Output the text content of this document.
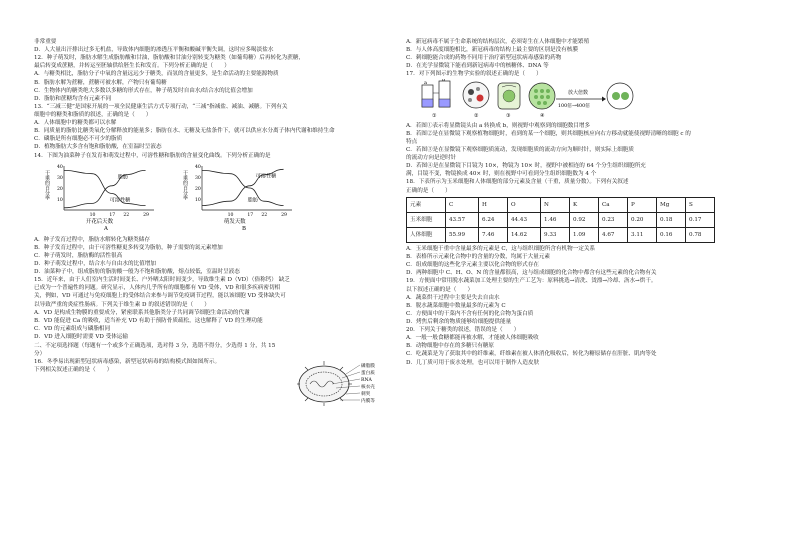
非常重要

D．人大量出汗排出过多无机盐，导致体内细胞的渗透压平衡和酸碱平衡失调，这时应多喝淡盐水

12．种子萌发时，脂肪水解生成脂肪酸和甘油，脂肪酸和甘油分别转变为糖类（如葡萄糖）后再转化为蔗糖，

最后转变成蔗糖，并转运至胚轴供给胚生长和发育。下列分析正确的是（　　）

A．与糖类相比，脂肪分子中氧的含量远远少于糖类，而氢的含量更多，是生命活动的主要能源物质

B．脂肪水解为蔗糖，蔗糖可被水解，产物只有葡萄糖

C．生物体内的糖类绝大多数以多糖的形式存在，种子萌发时自由水/结合水的比值会增加

D．脂肪和蔗糖均含有元素不同

13．“三减三健”是国家开展的一项全民健康生活方式专项行动，“三减”指减盐、减油、减糖。下列有关

细胞中的糖类和脂质的叙述，正确的是（　　）

A．人体细胞中的糖类都可以水解

B．同质量的脂肪比糖类氧化分解释放的能量多；脂肪在水、无糖及无盐条件下，就可以供应水分离子体内代谢和维持生命

C．磷脂是所有细胞必不可少的脂质

D．植物脂肪大多含有饱和脂肪酸，在室温时呈液态

14．下图为油菜种子在发育和萌发过程中，可溶性糖和脂肪的含量变化曲线。下列分析正确的是

干重的百分率
40
30
20
10
10	17 22	29
开花后天数
A
脂肪
可溶性糖
干重的百分率
40
30
20
10
10	17 22	29
萌发天数
B
可溶性糖
脂肪

A．种子发育过程中，脂肪水解转化为糖类储存

B．种子发育过程中，由于可溶性糖更多转变为脂肪，种子需要的氮元素增加

C．种子萌发时，脂肪酶的活性很高

D．种子萌发过程中，结合水与自由水的比值增加

D．油菜种子中，组成脂肪的脂肪酸一般为不饱和脂肪酸，熔点较低，室温时呈液态

15．近年来，由于人们室内生活时间变长、户外晒太阳时间变少，导致维生素 D（VD）（俗称钙） 缺乏

已成为一个普遍性的问题。研究显示，人体内几乎所有的细胞都有 VD 受体，VD 和很多疾病密切相

关，例如，VD 可通过与免疫细胞上的受体结合来参与调节免疫调节过程，能以该细胞 VD 受体缺失可

以导致严重的炎症性肠病。下列关于维生素 D 的叙述错误的是（　　）

A．VD 是构成生物膜的重要成分，紧密联系其他脂类分子共同调节细胞生命活动的代谢

B．VD 能促进 Ca 的吸收，适当补充 VD 有助于预防骨质疏松，这也解释了 VD 的生理功能

C．VD 的元素组成与磷脂相同

D．VD 进入细胞时需要 VD 受体运输

二、不定项选择题（每题有一个或多个正确选项，选对得 3 分，选错不得分，少选得 1 分，共 15

分）

16．冬季易出现新型冠状病毒感染，新型冠状病毒的结构模式图如图所示。

下列相关叙述正确的是（　　）

磷脂膜
蛋白质
RNA
核衣壳
刺突
内膜等

A．新冠病毒不属于生命系统的结构层次，必须寄生在人体细胞中才能繁殖

B．与人体高度细胞相比，新冠病毒的结构上最主要的区别是没有核膜

C．刺细胞能合成的药物不同用于治疗新型冠状病毒感染的药物

D．在光学显微镜下能看到新冠病毒中的核糖体、DNA 等

17．对下列图示的生物学实验的叙述正确的是（　　）

a	b
①	②	③
放大倍数
100倍→400倍
④

A．若图①表示将显微镜头由 a 转换成 b，则视野中观察到的细胞数目增多

B．若图②是在显微镜下观察植物细胞时，看到的某一个细胞，则其细胞核应向右方移动就能使视野清晰的细胞 c 的

特点

C．若图③是在显微镜下观察细胞质流动，发现细胞质的流动方向为顺时针，则实际上细胞质

的流动方向是逆时针

D．若图④是在显微镜下目镜为 10×，物镜为 10× 时，视野中被相连的 64 个分生组织细胞所充

满，目镜不变，物镜换成 40× 时，则在视野中可看到分生组织细胞数为 4 个

18．下表所示为玉米细胞和人体细胞的部分元素及含量（干重，质量分数）。下列有关叙述

正确的是（　　）

元素	C	H	O	N	K	Ca	P	Mg	S
玉米细胞	43.57	6.24	44.43	1.46	0.92	0.23	0.20	0.18	0.17
人体细胞	55.99	7.46	14.62	9.33	1.09	4.67	3.11	0.16	0.78

A．玉米细胞干重中含量最多的元素是 C，这与组织细胞所含有机物一定关系

B．表格所示元素化合物中的含量的分数，均属于大量元素

C．组成细胞的这些化学元素主要以化合物的形式存在

D．两种细胞中 C、H、O、N 的含量都很高，这与组成细胞的化合物中都含有这些元素的化合物有关

19．方便面中常用脱水蔬菜加工处理主要的生产工艺为：原料挑选→清洗、烫漂→冷却、沥水→烘干。

以下叙述正确的是（　　）

A．蔬菜烘干过程中主要是失去自由水

B．脱水蔬菜细胞中数量最多的元素为 C

C．方便面中的干菜内不含有任何的化合物为蛋白质

D．烤焦后剩余的物质能够给细胞提供能量

20．下列关于糖类的叙述，错误的是（　　）

A．一般一般食糖都能再被水解，才能被人体细胞吸收

B．动物细胞中存在的多糖只有糖原

C．吃蔬菜是为了获取其中的纤维素，纤维素在被人体消化吸收后，转化为糖原储存在肝脏、肌肉等处

D．几丁质可用于废水处理，也可以用于制作人造皮肤
